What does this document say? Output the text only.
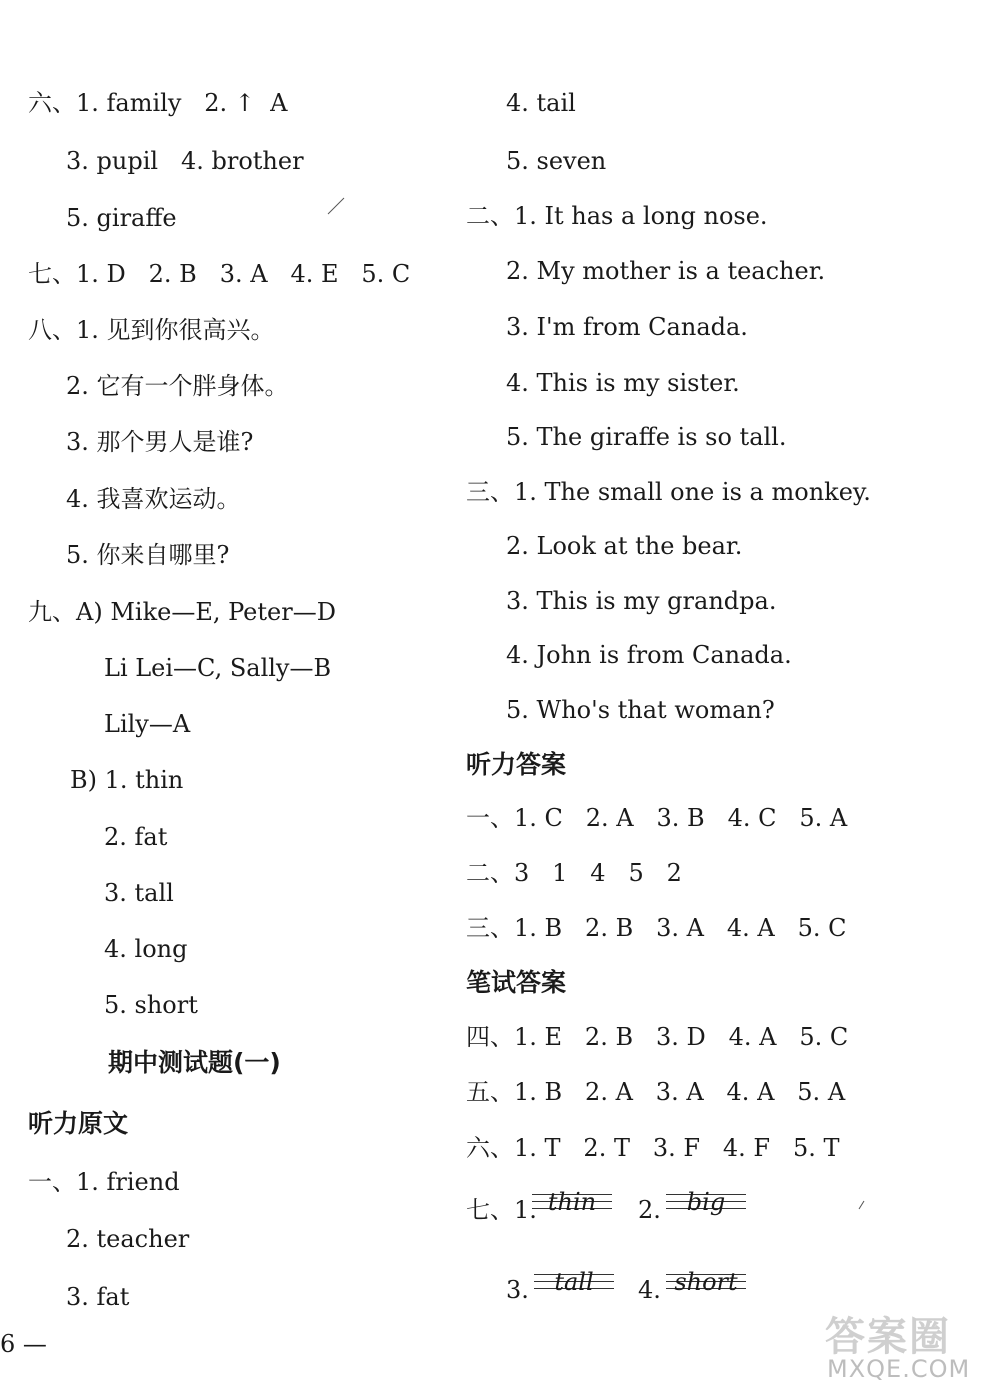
六、1. family   2. ↑  A
3. pupil   4. brother
5. giraffe
七、1. D   2. B   3. A   4. E   5. C
八、1. 见到你很高兴。
2. 它有一个胖身体。
3. 那个男人是谁?
4. 我喜欢运动。
5. 你来自哪里?
九、A) Mike—E, Peter—D
Li Lei—C, Sally—B
Lily—A
B) 1. thin
2. fat
3. tall
4. long
5. short
期中测试题(一)
听力原文
一、1. friend
2. teacher
3. fat
4. tail
5. seven
二、1. It has a long nose.
2. My mother is a teacher.
3. I'm from Canada.
4. This is my sister.
5. The giraffe is so tall.
三、1. The small one is a monkey.
2. Look at the bear.
3. This is my grandpa.
4. John is from Canada.
5. Who's that woman?
听力答案
一、1. C   2. A   3. B   4. C   5. A
二、3   1   4   5   2
三、1. B   2. B   3. A   4. A   5. C
笔试答案
四、1. E   2. B   3. D   4. A   5. C
五、1. B   2. A   3. A   4. A   5. A
六、1. T   2. T   3. F   4. F   5. T
七、1. thin	2.	big
3.	tall	4. short
6 —	答案圈
MXQE.COM
